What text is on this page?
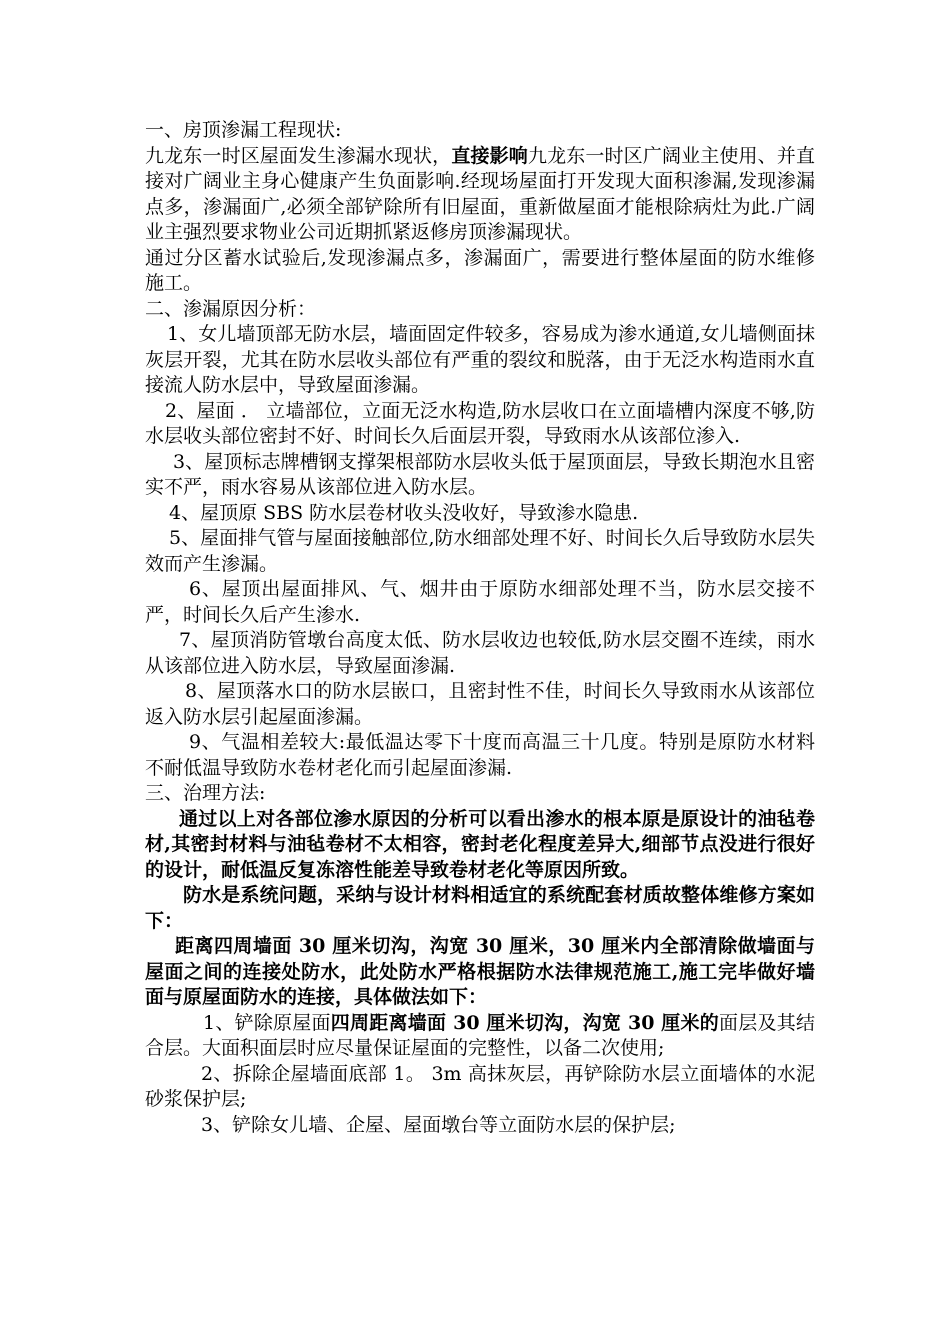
一、房顶渗漏工程现状:

九龙东一时区屋面发生渗漏水现状，直接影响九龙东一时区广阔业主使用、并直接对广阔业主身心健康产生负面影响.经现场屋面打开发现大面积渗漏,发现渗漏点多，渗漏面广,必须全部铲除所有旧屋面，重新做屋面才能根除病灶为此.广阔业主强烈要求物业公司近期抓紧返修房顶渗漏现状。

通过分区蓄水试验后,发现渗漏点多，渗漏面广，需要进行整体屋面的防水维修施工。

二、渗漏原因分析：

1、女儿墙顶部无防水层，墙面固定件较多，容易成为渗水通道,女儿墙侧面抹灰层开裂，尤其在防水层收头部位有严重的裂纹和脱落，由于无泛水构造雨水直接流人防水层中，导致屋面渗漏。

2、屋面 ． 立墙部位，立面无泛水构造,防水层收口在立面墙槽内深度不够,防水层收头部位密封不好、时间长久后面层开裂，导致雨水从该部位渗入.

3、屋顶标志牌槽钢支撑架根部防水层收头低于屋顶面层，导致长期泡水且密实不严，雨水容易从该部位进入防水层。

4、屋顶原 SBS 防水层卷材收头没收好，导致渗水隐患.

5、屋面排气管与屋面接触部位,防水细部处理不好、时间长久后导致防水层失效而产生渗漏。

6、屋顶出屋面排风、气、烟井由于原防水细部处理不当，防水层交接不严，时间长久后产生渗水.

7、屋顶消防管墩台高度太低、防水层收边也较低,防水层交圈不连续，雨水从该部位进入防水层，导致屋面渗漏.

8、屋顶落水口的防水层嵌口，且密封性不佳，时间长久导致雨水从该部位返入防水层引起屋面渗漏。

9、气温相差较大:最低温达零下十度而高温三十几度。特别是原防水材料不耐低温导致防水卷材老化而引起屋面渗漏.

三、治理方法:

通过以上对各部位渗水原因的分析可以看出渗水的根本原是原设计的油毡卷材,其密封材料与油毡卷材不太相容，密封老化程度差异大,细部节点没进行很好的设计，耐低温反复冻溶性能差导致卷材老化等原因所致。

防水是系统问题，采纳与设计材料相适宜的系统配套材质故整体维修方案如下：

距离四周墙面 30 厘米切沟，沟宽 30 厘米，30 厘米内全部清除做墙面与屋面之间的连接处防水，此处防水严格根据防水法律规范施工,施工完毕做好墙面与原屋面防水的连接，具体做法如下：

1、铲除原屋面四周距离墙面 30 厘米切沟，沟宽 30 厘米的面层及其结合层。大面积面层时应尽量保证屋面的完整性，以备二次使用;

2、拆除企屋墙面底部 1。 3m 高抹灰层，再铲除防水层立面墙体的水泥砂浆保护层;

3、铲除女儿墙、企屋、屋面墩台等立面防水层的保护层;
